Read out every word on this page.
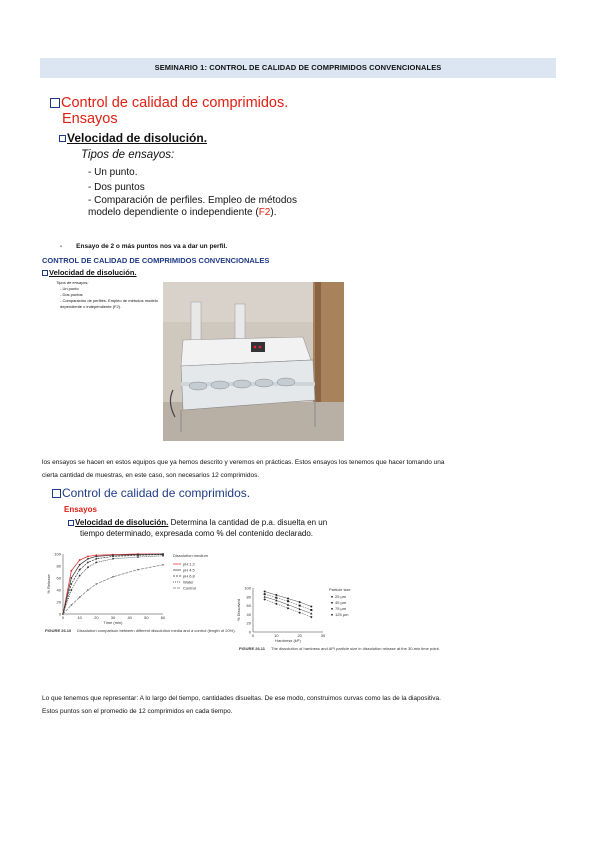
SEMINARIO 1: CONTROL DE CALIDAD DE COMPRIMIDOS CONVENCIONALES
Control de calidad de comprimidos.
Ensayos
Velocidad de disolución.
Tipos de ensayos:
- Un punto.
- Dos puntos
- Comparación de perfiles. Empleo de métodos
modelo dependiente o independiente (F2).
- Ensayo de 2 o más puntos nos va a dar un perfil.
CONTROL DE CALIDAD DE COMPRIMIDOS CONVENCIONALES
Velocidad de disolución.
Tipos de ensayos:
- Un punto
- Dos puntos
- Comparación de perfiles. Empleo de métodos modelo dependiente o independiente (F2).
los ensayos se hacen en estos equipos que ya hemos descrito y veremos en prácticas. Estos ensayos los tenemos que hacer tomando una
cierta cantidad de muestras, en este caso, son necesarios 12 comprimidos.
Control de calidad de comprimidos.
Ensayos
Velocidad de disolución. Determina la cantidad de p.a. disuelta en un
tiempo determinado, expresada como % del contenido declarado.
0	10	20	30	40	50	60
0
20
40
60
80
100
Time (min)
% Release
pH 1.2
pH 4.5
pH 6.8
Water
Control
Dissolution medium
FIGURE 26.10 Dissolution comparison between different dissolution media and a control (length of 20%).
0	10	20	30
0
20
40
60
80
100
Hardness (kP)
% Dissolved
25 µm
45 µm
75 µm
125 µm
Particle size
FIGURE 26.11 The dissolution of hardness and API particle size in dissolution release at the 30-min time point.
Lo que tenemos que representar: A lo largo del tiempo, cantidades disueltas. De ese modo, construimos curvas como las de la diapositiva.
Estos puntos son el promedio de 12 comprimidos en cada tiempo.
